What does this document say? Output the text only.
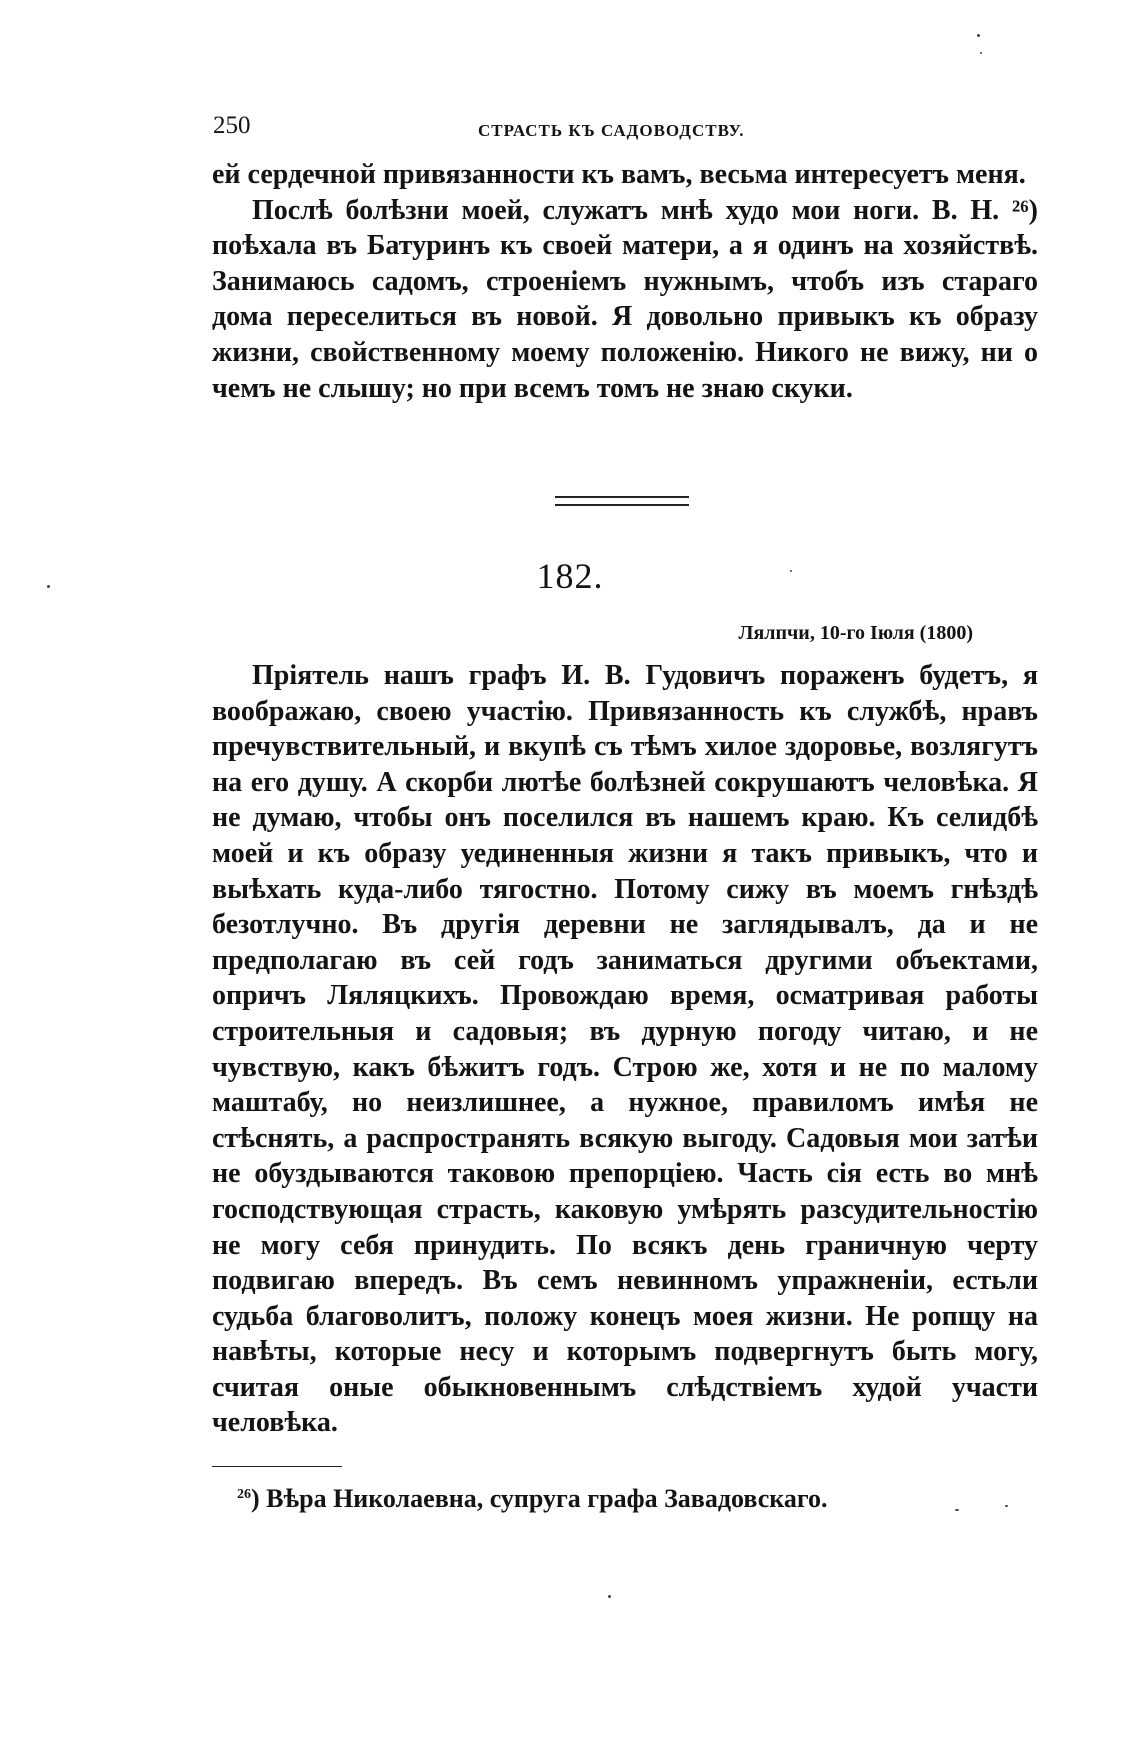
250	СТРАСТЬ КЪ САДОВОДСТВУ.

ей сердечной привязанности къ вамъ, весьма интересуетъ меня.

Послѣ болѣзни моей, служатъ мнѣ худо мои ноги. В. Н. ²⁶) поѣхала въ Батуринъ къ своей матери, а я одинъ на хозяйствѣ. Занимаюсь садомъ, строеніемъ нужнымъ, чтобъ изъ стараго дома переселиться въ новой. Я довольно привыкъ къ образу жизни, свойственному моему положенію. Никого не вижу, ни о чемъ не слышу; но при всемъ томъ не знаю скуки.

182.
Лялпчи, 10-го Іюля (1800)

Пріятель нашъ графъ И. В. Гудовичъ пораженъ будетъ, я воображаю, своею участію. Привязанность къ службѣ, нравъ пречувствительный, и вкупѣ съ тѣмъ хилое здоровье, возлягутъ на его душу. А скорби лютѣе болѣзней сокрушаютъ человѣка. Я не думаю, чтобы онъ поселился въ нашемъ краю. Къ селидбѣ моей и къ образу уединенныя жизни я такъ привыкъ, что и выѣхать куда-либо тягостно. Потому сижу въ моемъ гнѣздѣ безотлучно. Въ другія деревни не заглядывалъ, да и не предполагаю въ сей годъ заниматься другими объектами, опричъ Ляляцкихъ. Провождаю время, осматривая работы строительныя и садовыя; въ дурную погоду читаю, и не чувствую, какъ бѣжитъ годъ. Строю же, хотя и не по малому маштабу, но неизлишнее, а нужное, правиломъ имѣя не стѣснять, а распространять всякую выгоду. Садовыя мои затѣи не обуздываются таковою препорціею. Часть сія есть во мнѣ господствующая страсть, каковую умѣрять разсудительностію не могу себя принудить. По всякъ день граничную черту подвигаю впередъ. Въ семъ невинномъ упражненіи, естьли судьба благоволитъ, положу конецъ моея жизни. Не ропщу на навѣты, которые несу и которымъ подвергнутъ быть могу, считая оные обыкновеннымъ слѣдствіемъ худой участи человѣка.

$^{26}$) Вѣра Николаевна, супруга графа Завадовскаго.
